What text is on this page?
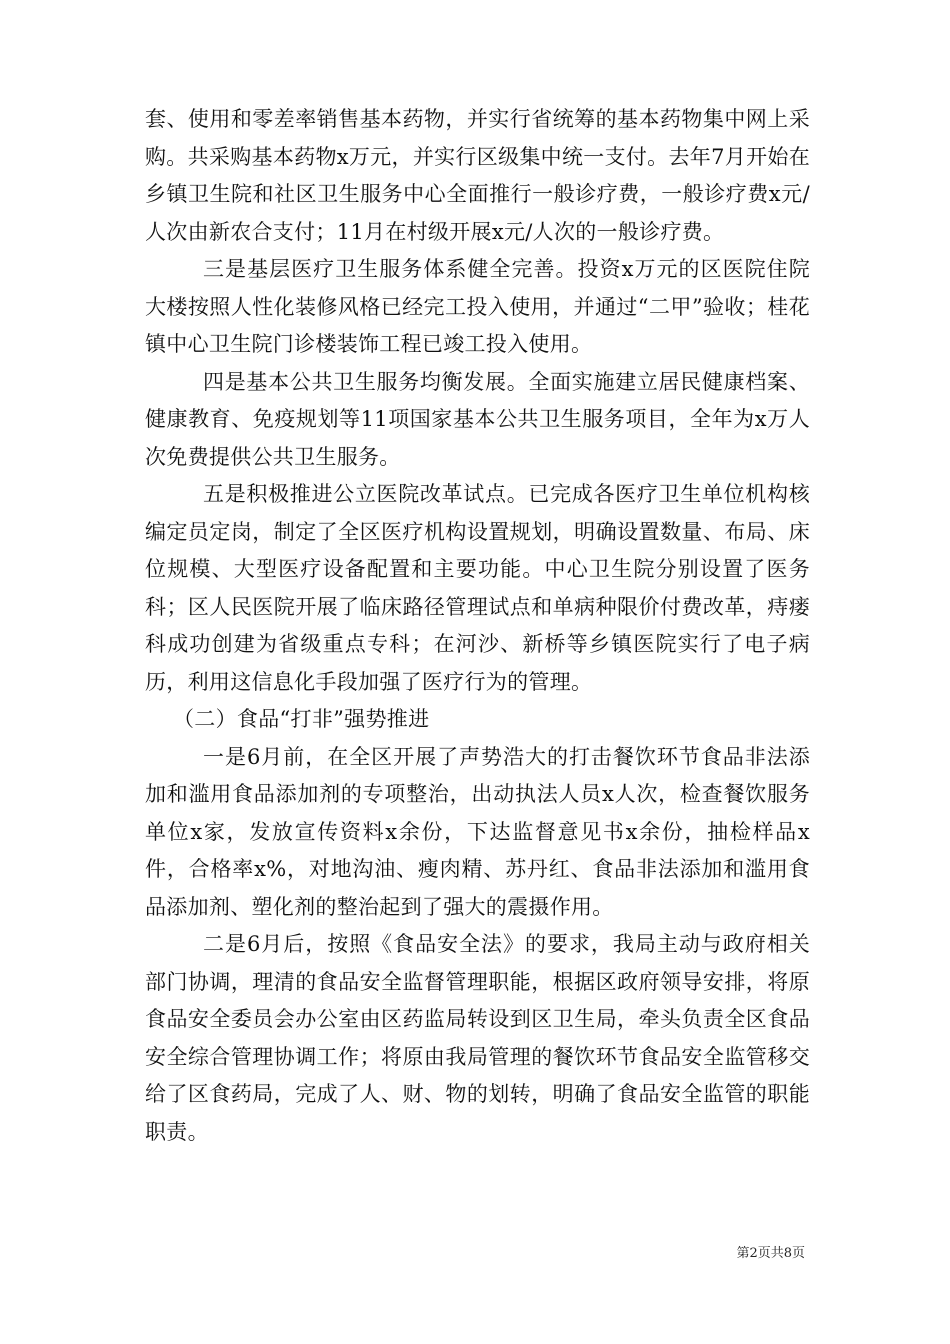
套、使用和零差率销售基本药物，并实行省统筹的基本药物集中网上采购。共采购基本药物x万元，并实行区级集中统一支付。去年7月开始在乡镇卫生院和社区卫生服务中心全面推行一般诊疗费，一般诊疗费x元/人次由新农合支付；11月在村级开展x元/人次的一般诊疗费。

三是基层医疗卫生服务体系健全完善。投资x万元的区医院住院大楼按照人性化装修风格已经完工投入使用，并通过“二甲”验收；桂花镇中心卫生院门诊楼装饰工程已竣工投入使用。

四是基本公共卫生服务均衡发展。全面实施建立居民健康档案、健康教育、免疫规划等11项国家基本公共卫生服务项目，全年为x万人次免费提供公共卫生服务。

五是积极推进公立医院改革试点。已完成各医疗卫生单位机构核编定员定岗，制定了全区医疗机构设置规划，明确设置数量、布局、床位规模、大型医疗设备配置和主要功能。中心卫生院分别设置了医务科；区人民医院开展了临床路径管理试点和单病种限价付费改革，痔瘘科成功创建为省级重点专科；在河沙、新桥等乡镇医院实行了电子病历，利用这信息化手段加强了医疗行为的管理。

（二）食品“打非”强势推进

一是6月前，在全区开展了声势浩大的打击餐饮环节食品非法添加和滥用食品添加剂的专项整治，出动执法人员x人次，检查餐饮服务单位x家，发放宣传资料x余份，下达监督意见书x余份，抽检样品x件，合格率x%，对地沟油、瘦肉精、苏丹红、食品非法添加和滥用食品添加剂、塑化剂的整治起到了强大的震摄作用。

二是6月后，按照《食品安全法》的要求，我局主动与政府相关部门协调，理清的食品安全监督管理职能，根据区政府领导安排，将原食品安全委员会办公室由区药监局转设到区卫生局，牵头负责全区食品安全综合管理协调工作；将原由我局管理的餐饮环节食品安全监管移交给了区食药局，完成了人、财、物的划转，明确了食品安全监管的职能职责。

第2页共8页
